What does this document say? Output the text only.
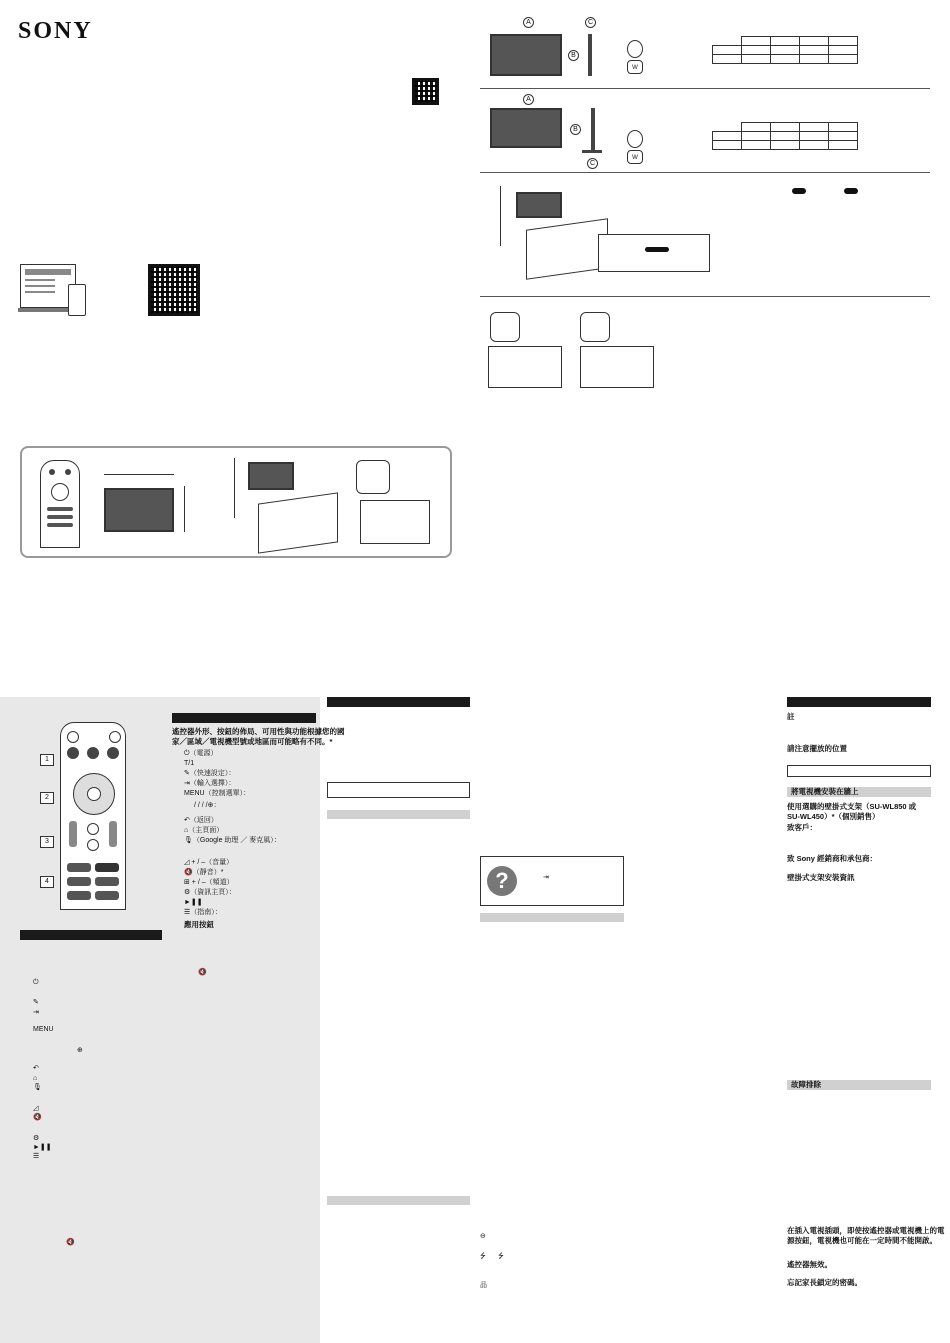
SONY	A	C
B
W

A
B
C
W

1
2
3
4
⏻
🔇
✎
⇥
MENU
⊕
↶
⌂
🎙
◿
🔇
⚙
►❚❚
☰
🔇
遙控器外形、按鈕的佈局、可用性與功能根據您的國
家／區域／電視機型號或地區而可能略有不同。*
⏻（電源）
T/1
✎（快速設定）：
⇥（輸入選擇）：
MENU（控制選單）：
/ / / /⊕：
↶（返回）
⌂（主頁面）
🎙（Google 助理 ／ 麥克風）：
◿ + / –（音量）
🔇（靜音）*
⊞ + / –（頻道）
⚙（資訊主頁）：
►❚❚
☰（指南）：
應用按鈕
?	⇥
⊖
⭍ ⭍
品
註
請注意擺放的位置
將電視機安裝在牆上
使用選購的壁掛式支架（SU-WL850 或
SU-WL450）*（個別銷售）
致客戶：
致 Sony 經銷商和承包商：
壁掛式支架安裝資訊
故障排除
在插入電視插頭，即使按遙控器或電視機上的電
源按鈕，電視機也可能在一定時間不能開啟。
遙控器無效。
忘記家長鎖定的密碼。
